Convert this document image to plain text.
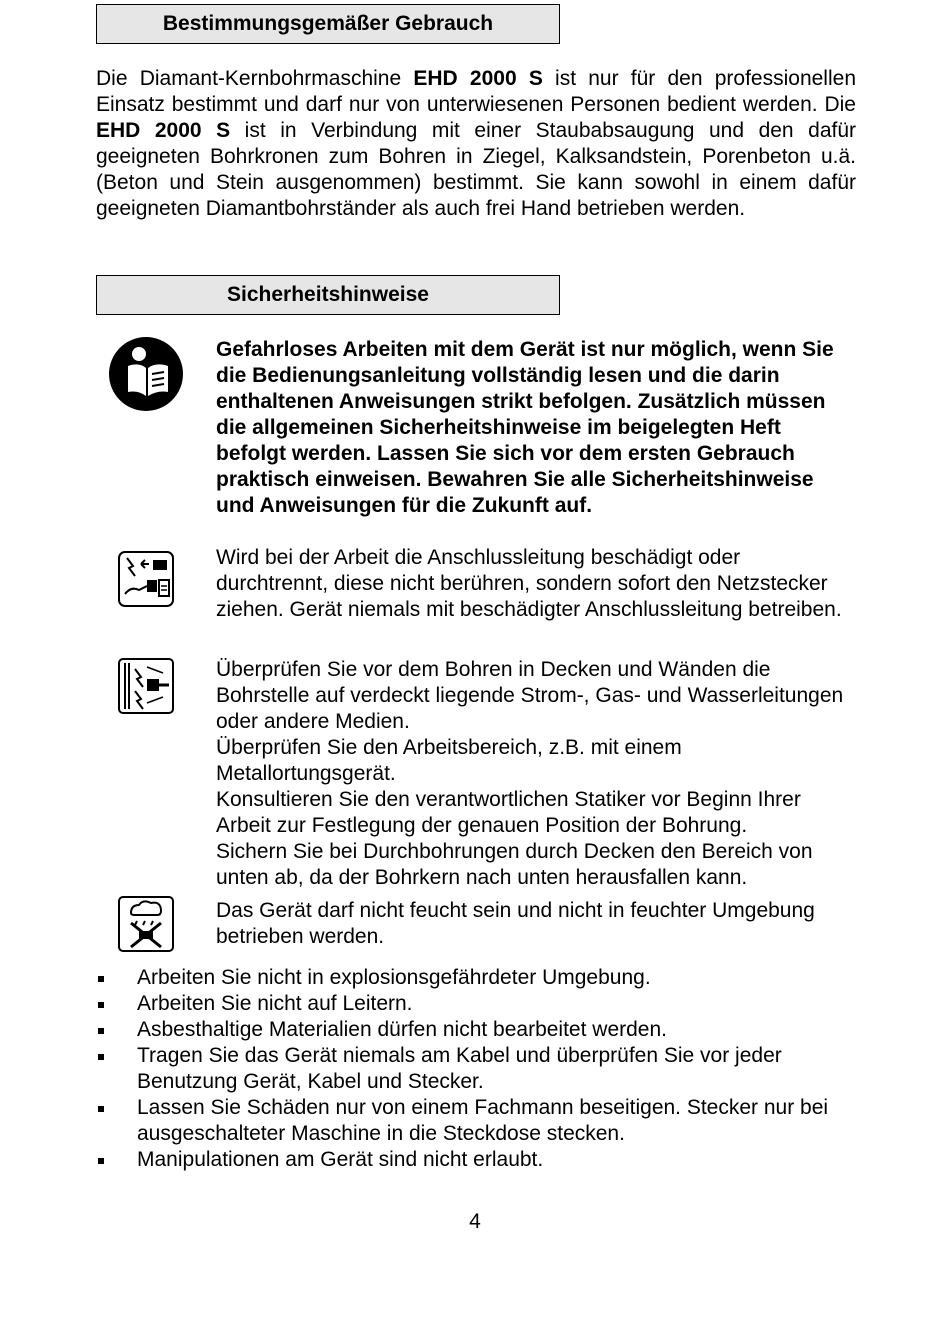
Bestimmungsgemäßer Gebrauch

Die Diamant-Kernbohrmaschine EHD 2000 S ist nur für den professionellen Einsatz bestimmt und darf nur von unterwiesenen Personen bedient werden. Die EHD 2000 S ist in Verbindung mit einer Staubabsaugung und den dafür geeigneten Bohrkronen zum Bohren in Ziegel, Kalksandstein, Porenbeton u.ä. (Beton und Stein ausgenommen) bestimmt. Sie kann sowohl in einem dafür geeigneten Diamantbohrständer als auch frei Hand betrieben werden.

Sicherheitshinweise

Gefahrloses Arbeiten mit dem Gerät ist nur möglich, wenn Sie die Bedienungsanleitung vollständig lesen und die darin enthaltenen Anweisungen strikt befolgen. Zusätzlich müssen die allgemeinen Sicherheitshinweise im beigelegten Heft befolgt werden. Lassen Sie sich vor dem ersten Gebrauch praktisch einweisen. Bewahren Sie alle Sicherheitshinweise und Anweisungen für die Zukunft auf.

Wird bei der Arbeit die Anschlussleitung beschädigt oder durchtrennt, diese nicht berühren, sondern sofort den Netzstecker ziehen. Gerät niemals mit beschädigter Anschlussleitung betreiben.

Überprüfen Sie vor dem Bohren in Decken und Wänden die Bohrstelle auf verdeckt liegende Strom-, Gas- und Wasserleitungen oder andere Medien.
Überprüfen Sie den Arbeitsbereich, z.B. mit einem Metallortungsgerät.
Konsultieren Sie den verantwortlichen Statiker vor Beginn Ihrer Arbeit zur Festlegung der genauen Position der Bohrung.
Sichern Sie bei Durchbohrungen durch Decken den Bereich von unten ab, da der Bohrkern nach unten herausfallen kann.

Das Gerät darf nicht feucht sein und nicht in feuchter Umgebung betrieben werden.

Arbeiten Sie nicht in explosionsgefährdeter Umgebung.
Arbeiten Sie nicht auf Leitern.
Asbesthaltige Materialien dürfen nicht bearbeitet werden.
Tragen Sie das Gerät niemals am Kabel und überprüfen Sie vor jeder Benutzung Gerät, Kabel und Stecker.
Lassen Sie Schäden nur von einem Fachmann beseitigen. Stecker nur bei ausgeschalteter Maschine in die Steckdose stecken.
Manipulationen am Gerät sind nicht erlaubt.
4
